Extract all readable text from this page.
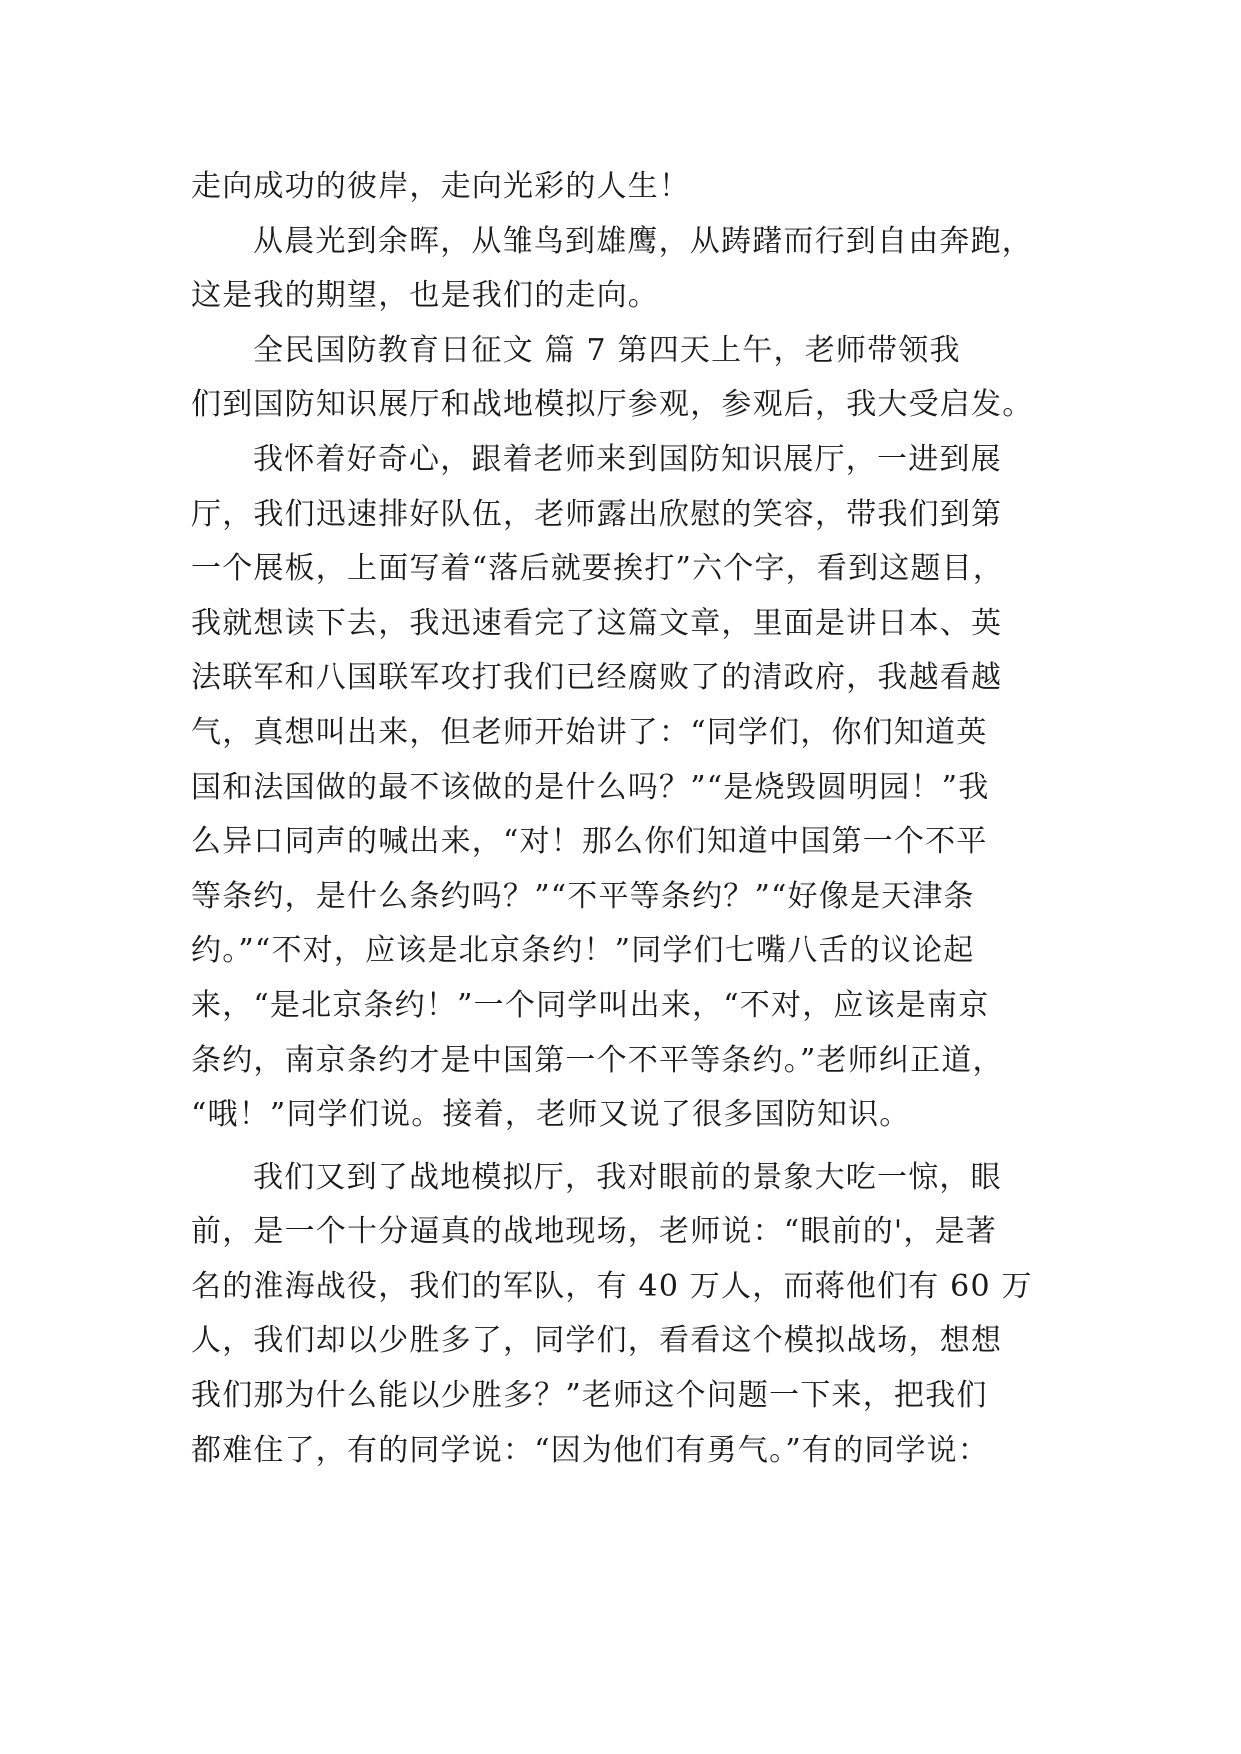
走向成功的彼岸，走向光彩的人生！
从晨光到余晖，从雏鸟到雄鹰，从踌躇而行到自由奔跑，
这是我的期望，也是我们的走向。
全民国防教育日征文 篇 7 第四天上午，老师带领我
们到国防知识展厅和战地模拟厅参观，参观后，我大受启发。
我怀着好奇心，跟着老师来到国防知识展厅，一进到展
厅，我们迅速排好队伍，老师露出欣慰的笑容，带我们到第
一个展板，上面写着“落后就要挨打”六个字，看到这题目，
我就想读下去，我迅速看完了这篇文章，里面是讲日本、英
法联军和八国联军攻打我们已经腐败了的清政府，我越看越
气，真想叫出来，但老师开始讲了：“同学们，你们知道英
国和法国做的最不该做的是什么吗？”“是烧毁圆明园！”我
么异口同声的喊出来，“对！那么你们知道中国第一个不平
等条约，是什么条约吗？”“不平等条约？”“好像是天津条
约。”“不对，应该是北京条约！”同学们七嘴八舌的议论起
来，“是北京条约！”一个同学叫出来，“不对，应该是南京
条约，南京条约才是中国第一个不平等条约。”老师纠正道，
“哦！”同学们说。接着，老师又说了很多国防知识。
我们又到了战地模拟厅，我对眼前的景象大吃一惊，眼
前，是一个十分逼真的战地现场，老师说：“眼前的'，是著
名的淮海战役，我们的军队，有 40 万人，而蒋他们有 60 万
人，我们却以少胜多了，同学们，看看这个模拟战场，想想
我们那为什么能以少胜多？”老师这个问题一下来，把我们
都难住了，有的同学说：“因为他们有勇气。”有的同学说：
